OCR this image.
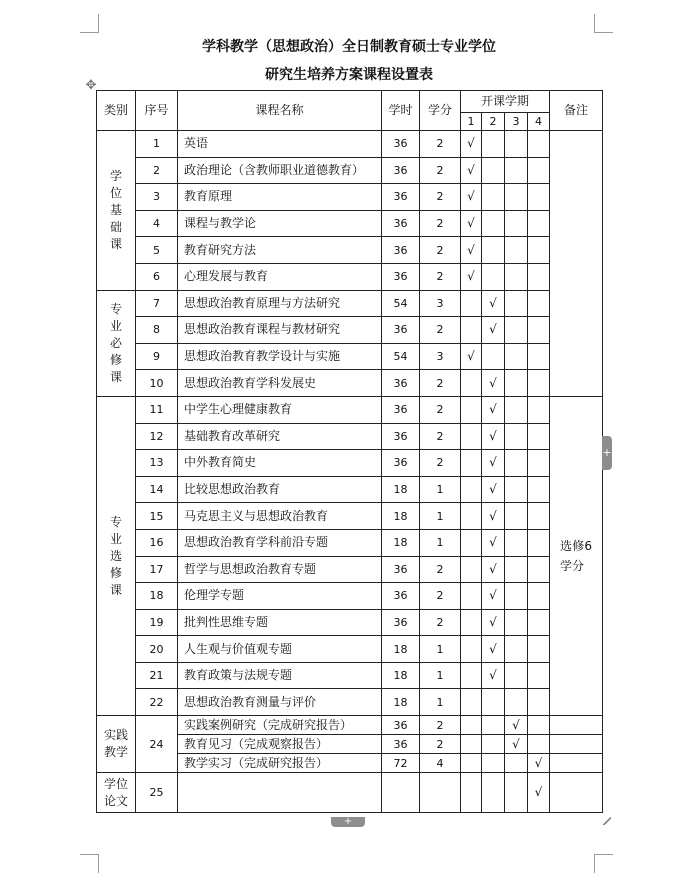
学科教学（思想政治）全日制教育硕士专业学位
研究生培养方案课程设置表
✥
类别	序号	课程名称	学时	学分	开课学期				备注
					1	2	3	4	
学位基础课	1	英语	36	2	√				
	2	政治理论（含教师职业道德教育）	36	2	√				
	3	教育原理	36	2	√				
	4	课程与教学论	36	2	√				
	5	教育研究方法	36	2	√				
	6	心理发展与教育	36	2	√				
专业必修课	7	思想政治教育原理与方法研究	54	3		√			
	8	思想政治教育课程与教材研究	36	2		√			
	9	思想政治教育教学设计与实施	54	3	√				
	10	思想政治教育学科发展史	36	2		√			
专业选修课	11	中学生心理健康教育	36	2		√			选修6学分
	12	基础教育改革研究	36	2		√			
	13	中外教育简史	36	2		√			
	14	比较思想政治教育	18	1		√			
	15	马克思主义与思想政治教育	18	1		√			
	16	思想政治教育学科前沿专题	18	1		√			
	17	哲学与思想政治教育专题	36	2		√			
	18	伦理学专题	36	2		√			
	19	批判性思维专题	36	2		√			
	20	人生观与价值观专题	18	1		√			
	21	教育政策与法规专题	18	1		√			
	22	思想政治教育测量与评价	18	1					
实践教学	24	实践案例研究（完成研究报告）	36	2			√		
		教育见习（完成观察报告）	36	2			√		
		教学实习（完成研究报告）	72	4				√	
学位论文	25							√	
+
+
